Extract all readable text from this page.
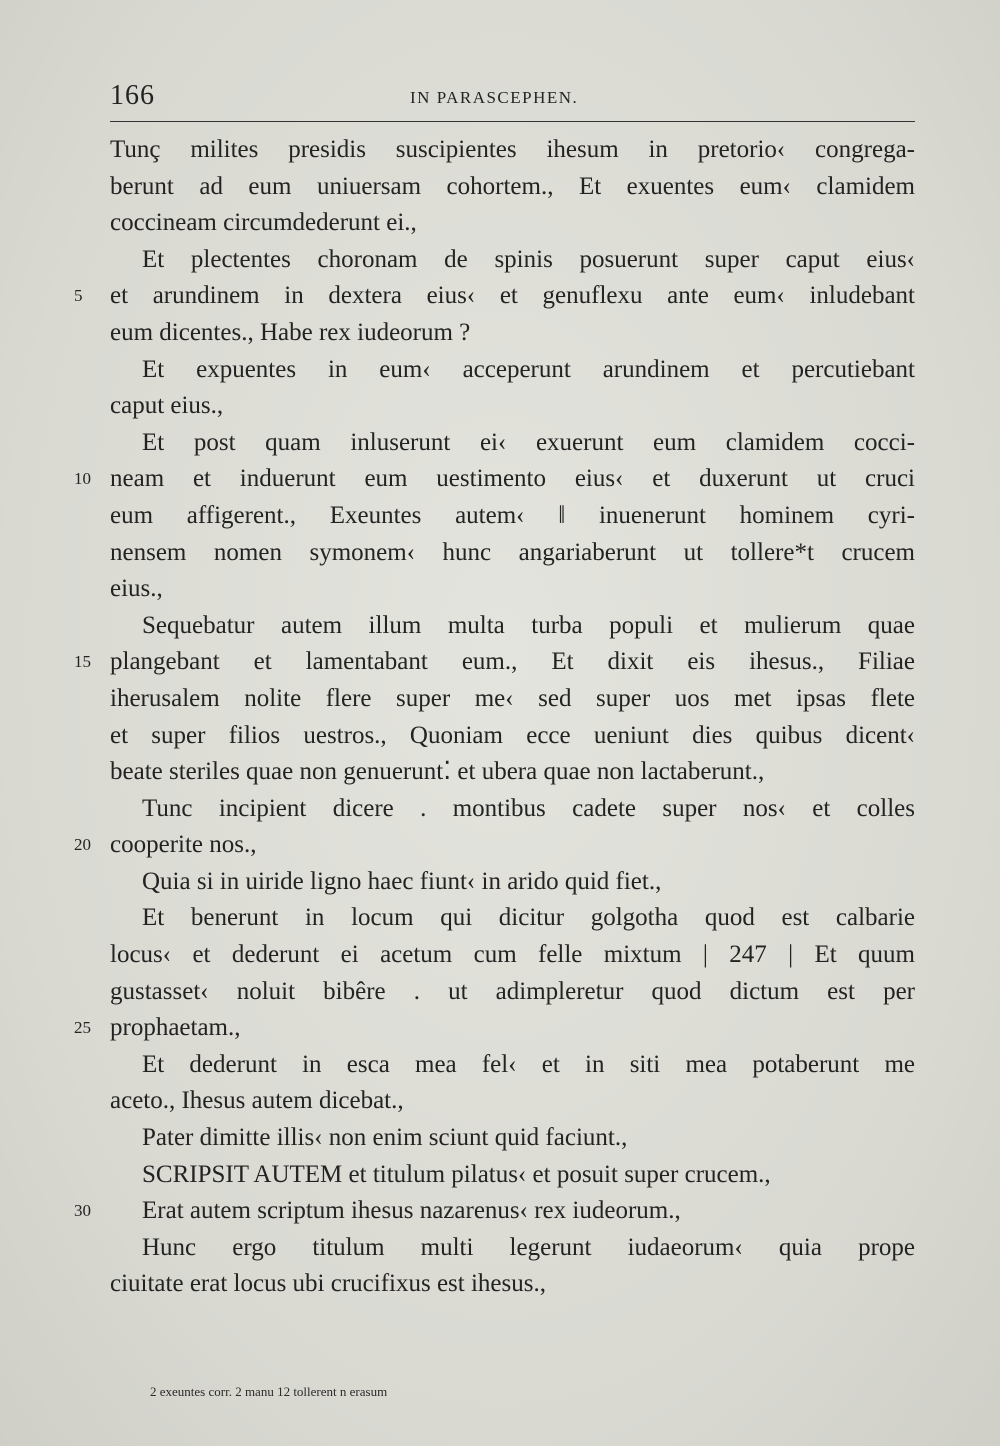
166	IN PARASCEPHEN.
Tunç milites presidis suscipientes ihesum in pretorio‹ congrega-
berunt ad eum uniuersam cohortem., Et exuentes eum‹ clamidem
coccineam circumdederunt ei.,
Et plectentes choronam de spinis posuerunt super caput eius‹
5	et arundinem in dextera eius‹ et genuflexu ante eum‹ inludebant
eum dicentes., Habe rex iudeorum ?
Et expuentes in eum‹ acceperunt arundinem et percutiebant
caput eius.,
Et post quam inluserunt ei‹ exuerunt eum clamidem cocci-
10 neam et induerunt eum uestimento eius‹ et duxerunt ut cruci
eum affigerent., Exeuntes autem‹ ‖ inuenerunt hominem cyri-
nensem nomen symonem‹ hunc angariaberunt ut tollere*t crucem
eius.,
Sequebatur autem illum multa turba populi et mulierum quae
15 plangebant et lamentabant eum., Et dixit eis ihesus., Filiae
iherusalem nolite flere super me‹ sed super uos met ipsas flete
et super filios uestros., Quoniam ecce ueniunt dies quibus dicent‹
beate steriles quae non genuerunt⁚ et ubera quae non lactaberunt.,
Tunc incipient dicere . montibus cadete super nos‹ et colles
20 cooperite nos.,
Quia si in uiride ligno haec fiunt‹ in arido quid fiet.,
Et benerunt in locum qui dicitur golgotha quod est calbarie
locus‹ et dederunt ei acetum cum felle mixtum | 247 | Et quum
gustasset‹ noluit bibêre . ut adimpleretur quod dictum est per
25 prophaetam.,
Et dederunt in esca mea fel‹ et in siti mea potaberunt me
aceto., Ihesus autem dicebat.,
Pater dimitte illis‹ non enim sciunt quid faciunt.,
SCRIPSIT AUTEM et titulum pilatus‹ et posuit super crucem.,
30 Erat autem scriptum ihesus nazarenus‹ rex iudeorum.,
Hunc ergo titulum multi legerunt iudaeorum‹ quia prope
ciuitate erat locus ubi crucifixus est ihesus.,
2 exeuntes corr. 2 manu 12 tollerent n erasum
